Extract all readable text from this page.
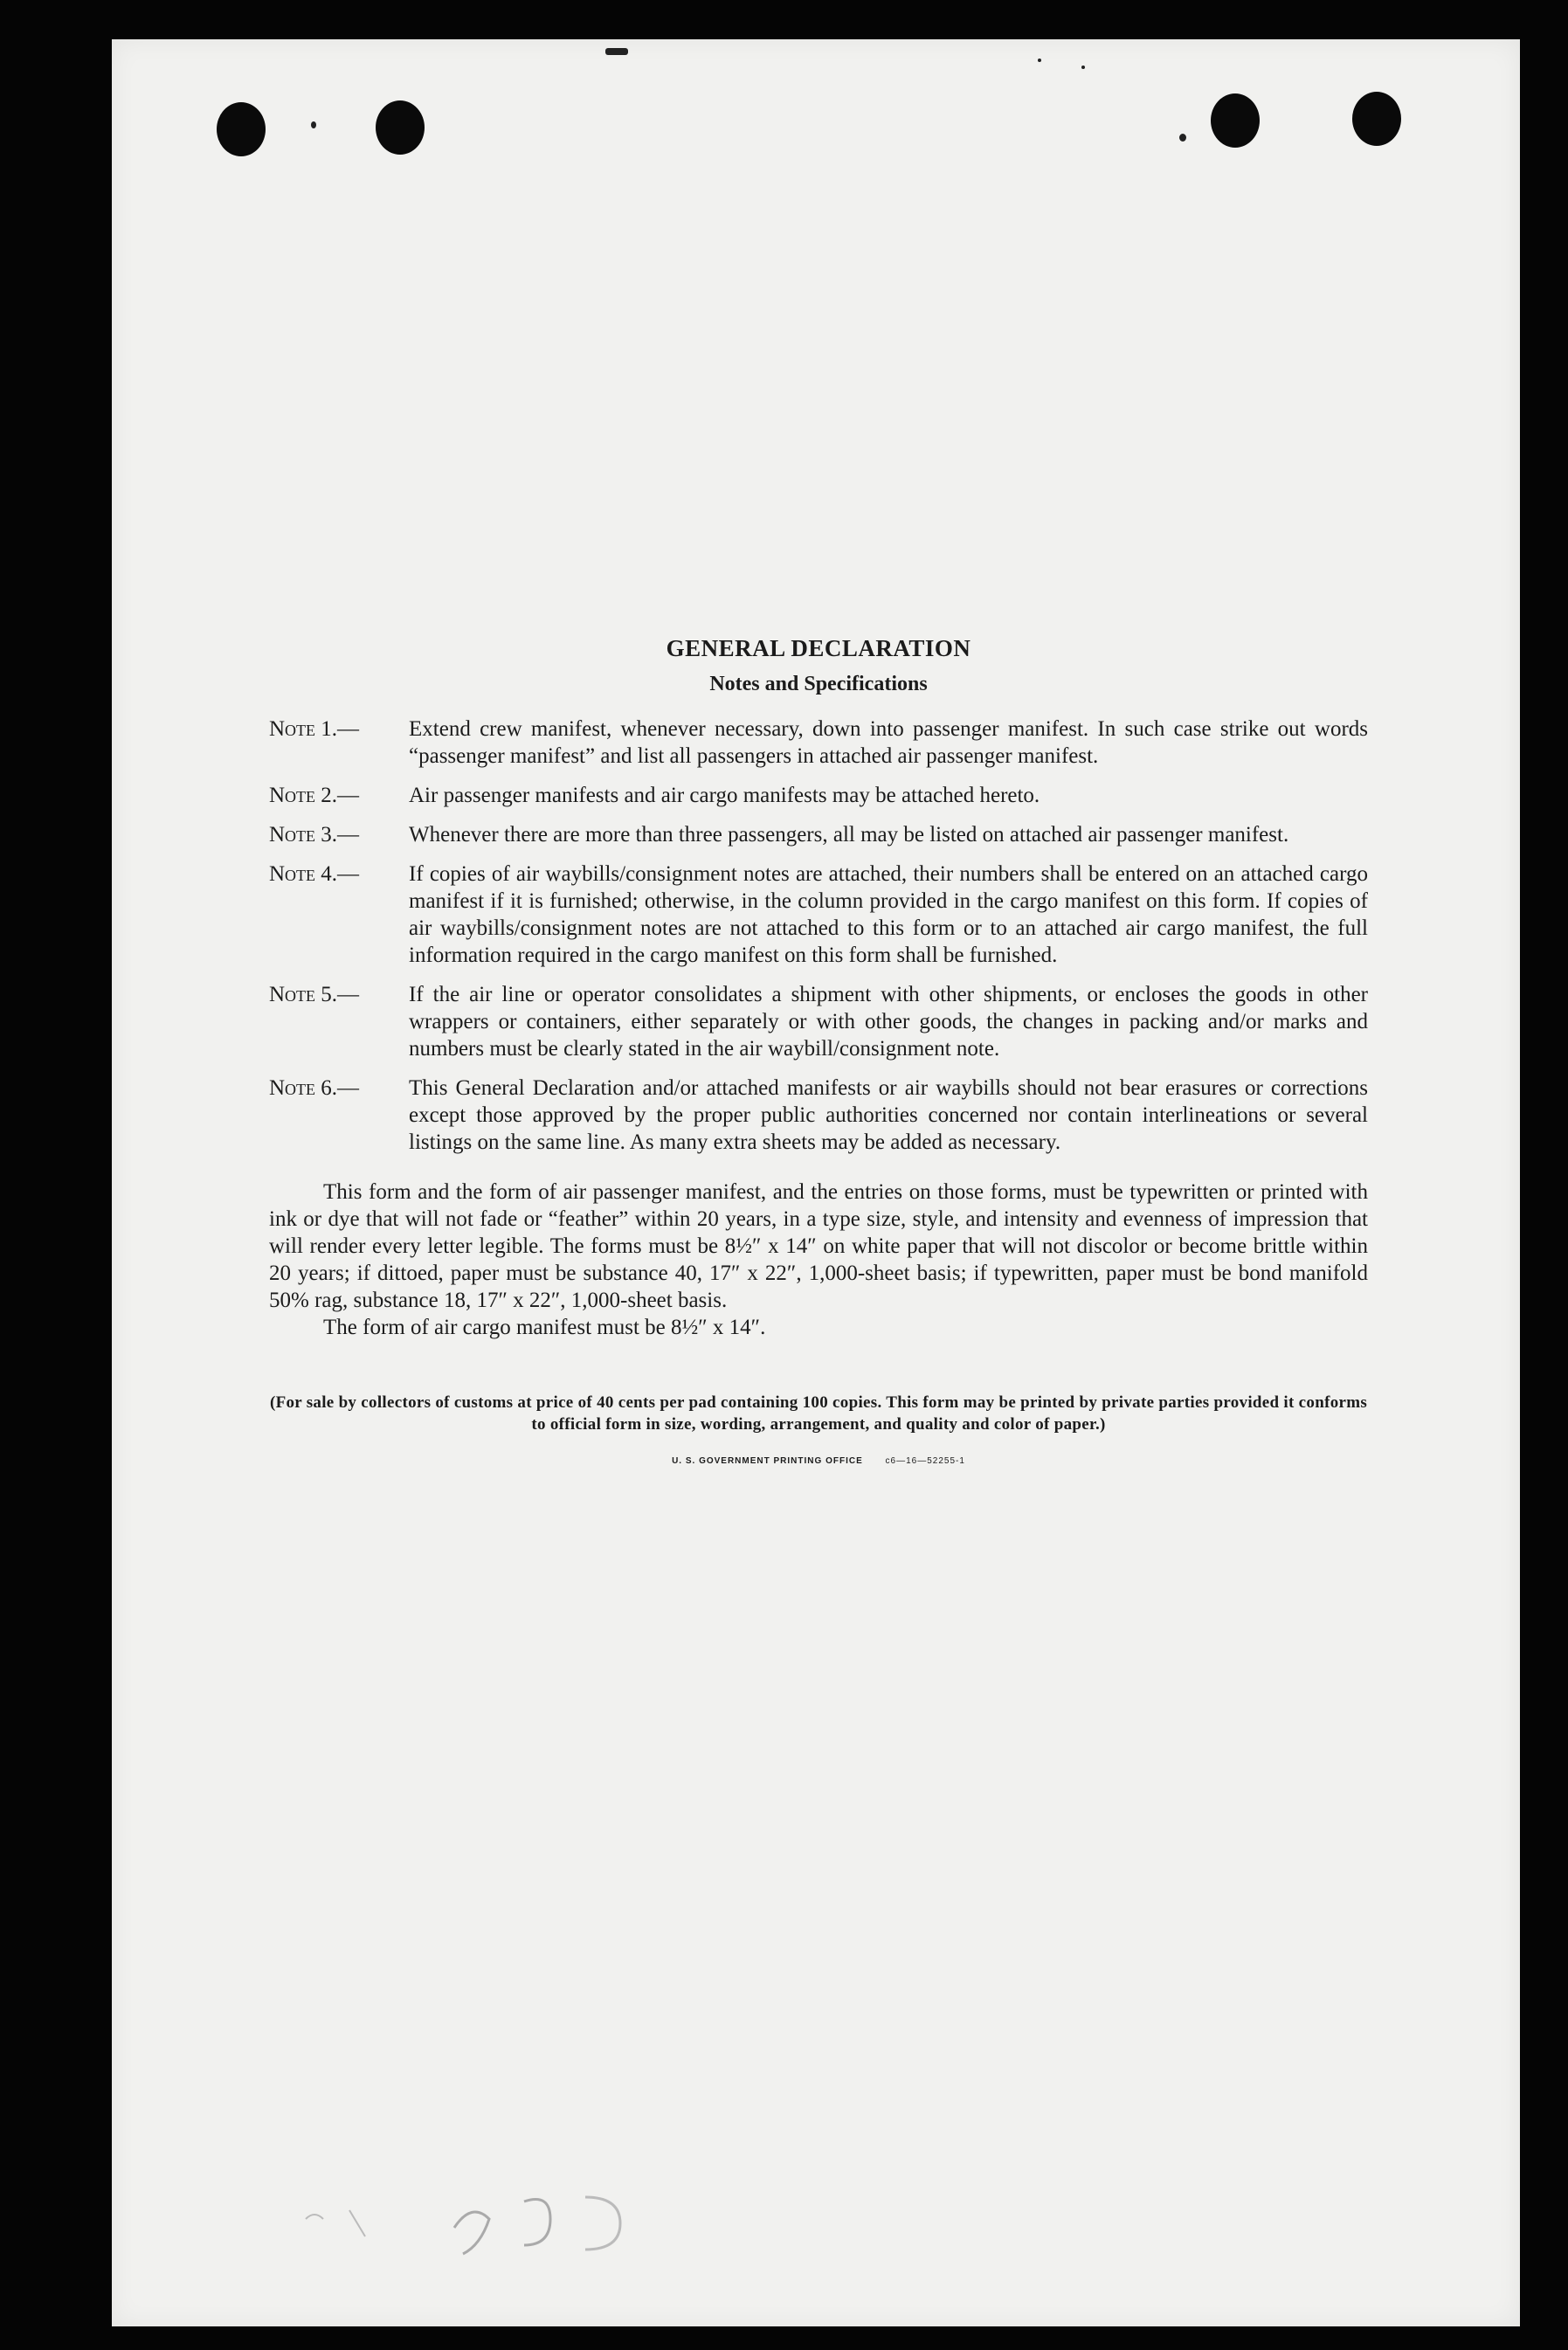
GENERAL DECLARATION
Notes and Specifications
Note 1.— Extend crew manifest, whenever necessary, down into passenger manifest. In such case strike out words “passenger manifest” and list all passengers in attached air passenger manifest.
Note 2.— Air passenger manifests and air cargo manifests may be attached hereto.
Note 3.— Whenever there are more than three passengers, all may be listed on attached air passenger manifest.
Note 4.— If copies of air waybills/consignment notes are attached, their numbers shall be entered on an attached cargo manifest if it is furnished; otherwise, in the column provided in the cargo manifest on this form. If copies of air waybills/consignment notes are not attached to this form or to an attached air cargo manifest, the full information required in the cargo manifest on this form shall be furnished.
Note 5.— If the air line or operator consolidates a shipment with other shipments, or encloses the goods in other wrappers or containers, either separately or with other goods, the changes in packing and/or marks and numbers must be clearly stated in the air waybill/consignment note.
Note 6.— This General Declaration and/or attached manifests or air waybills should not bear erasures or corrections except those approved by the proper public authorities concerned nor contain interlineations or several listings on the same line. As many extra sheets may be added as necessary.

This form and the form of air passenger manifest, and the entries on those forms, must be typewritten or printed with ink or dye that will not fade or “feather” within 20 years, in a type size, style, and intensity and evenness of impression that will render every letter legible. The forms must be 8½″ x 14″ on white paper that will not discolor or become brittle within 20 years; if dittoed, paper must be substance 40, 17″ x 22″, 1,000-sheet basis; if typewritten, paper must be bond manifold 50% rag, substance 18, 17″ x 22″, 1,000-sheet basis.

The form of air cargo manifest must be 8½″ x 14″.

(For sale by collectors of customs at price of 40 cents per pad containing 100 copies. This form may be printed by private parties provided it conforms to official form in size, wording, arrangement, and quality and color of paper.)
U. S. GOVERNMENT PRINTING OFFICE	c6—16—52255-1
